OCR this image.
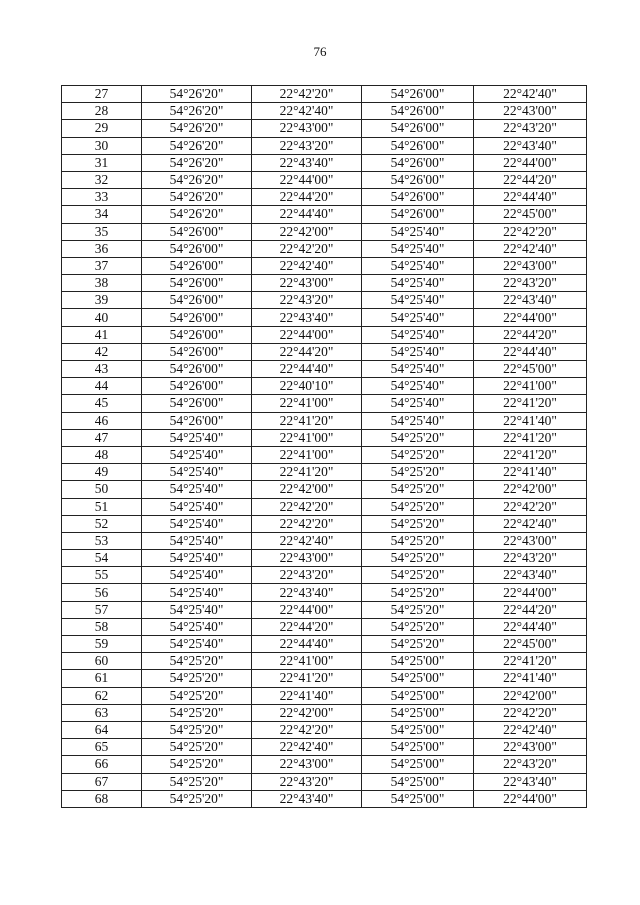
76
27	54°26'20"	22°42'20"	54°26'00"	22°42'40"
28	54°26'20"	22°42'40"	54°26'00"	22°43'00"
29	54°26'20"	22°43'00"	54°26'00"	22°43'20"
30	54°26'20"	22°43'20"	54°26'00"	22°43'40"
31	54°26'20"	22°43'40"	54°26'00"	22°44'00"
32	54°26'20"	22°44'00"	54°26'00"	22°44'20"
33	54°26'20"	22°44'20"	54°26'00"	22°44'40"
34	54°26'20"	22°44'40"	54°26'00"	22°45'00"
35	54°26'00"	22°42'00"	54°25'40"	22°42'20"
36	54°26'00"	22°42'20"	54°25'40"	22°42'40"
37	54°26'00"	22°42'40"	54°25'40"	22°43'00"
38	54°26'00"	22°43'00"	54°25'40"	22°43'20"
39	54°26'00"	22°43'20"	54°25'40"	22°43'40"
40	54°26'00"	22°43'40"	54°25'40"	22°44'00"
41	54°26'00"	22°44'00"	54°25'40"	22°44'20"
42	54°26'00"	22°44'20"	54°25'40"	22°44'40"
43	54°26'00"	22°44'40"	54°25'40"	22°45'00"
44	54°26'00"	22°40'10"	54°25'40"	22°41'00"
45	54°26'00"	22°41'00"	54°25'40"	22°41'20"
46	54°26'00"	22°41'20"	54°25'40"	22°41'40"
47	54°25'40"	22°41'00"	54°25'20"	22°41'20"
48	54°25'40"	22°41'00"	54°25'20"	22°41'20"
49	54°25'40"	22°41'20"	54°25'20"	22°41'40"
50	54°25'40"	22°42'00"	54°25'20"	22°42'00"
51	54°25'40"	22°42'20"	54°25'20"	22°42'20"
52	54°25'40"	22°42'20"	54°25'20"	22°42'40"
53	54°25'40"	22°42'40"	54°25'20"	22°43'00"
54	54°25'40"	22°43'00"	54°25'20"	22°43'20"
55	54°25'40"	22°43'20"	54°25'20"	22°43'40"
56	54°25'40"	22°43'40"	54°25'20"	22°44'00"
57	54°25'40"	22°44'00"	54°25'20"	22°44'20"
58	54°25'40"	22°44'20"	54°25'20"	22°44'40"
59	54°25'40"	22°44'40"	54°25'20"	22°45'00"
60	54°25'20"	22°41'00"	54°25'00"	22°41'20"
61	54°25'20"	22°41'20"	54°25'00"	22°41'40"
62	54°25'20"	22°41'40"	54°25'00"	22°42'00"
63	54°25'20"	22°42'00"	54°25'00"	22°42'20"
64	54°25'20"	22°42'20"	54°25'00"	22°42'40"
65	54°25'20"	22°42'40"	54°25'00"	22°43'00"
66	54°25'20"	22°43'00"	54°25'00"	22°43'20"
67	54°25'20"	22°43'20"	54°25'00"	22°43'40"
68	54°25'20"	22°43'40"	54°25'00"	22°44'00"
